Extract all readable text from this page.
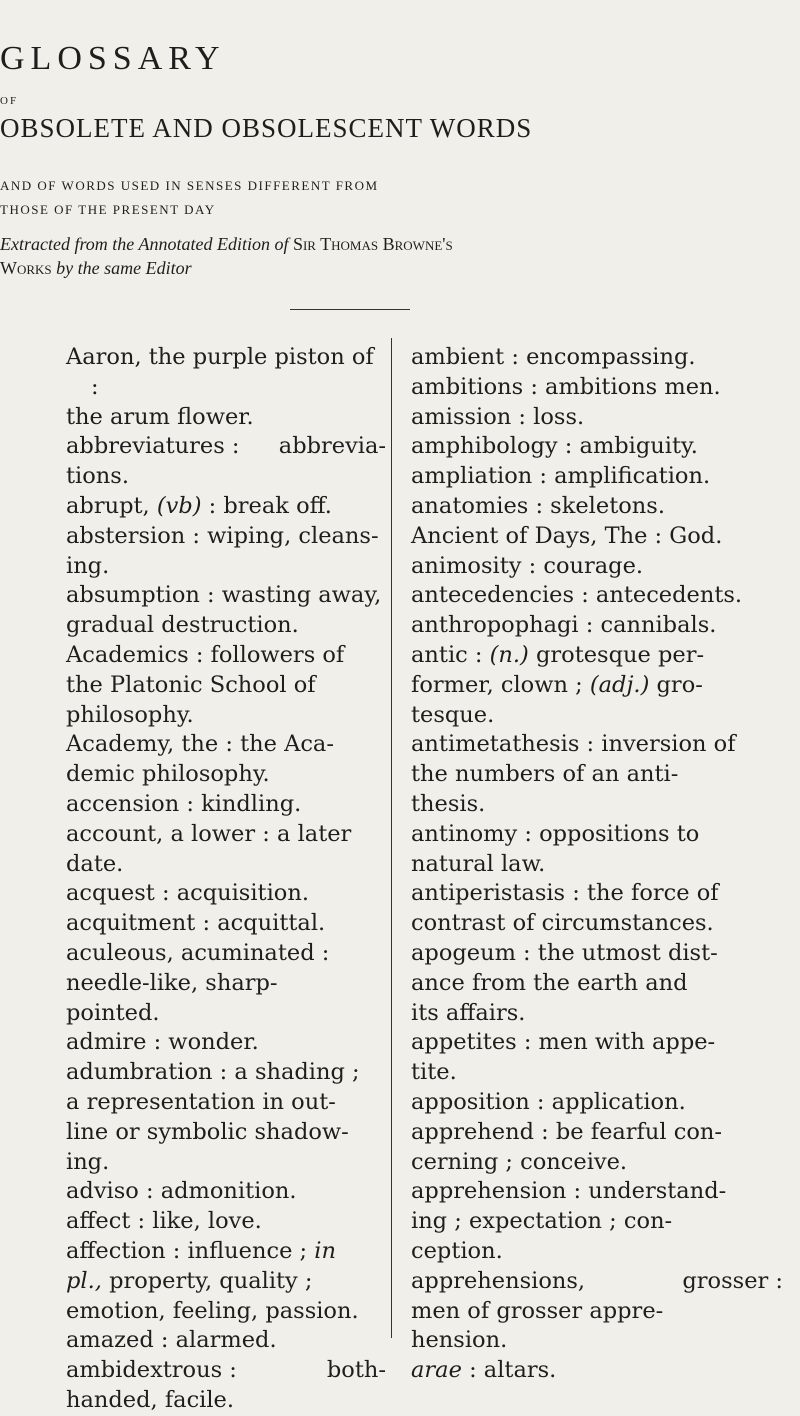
GLOSSARY
OF
OBSOLETE AND OBSOLESCENT WORDS
AND OF WORDS USED IN SENSES DIFFERENT FROM
THOSE OF THE PRESENT DAY
Extracted from the Annotated Edition of Sir Thomas Browne's
Works by the same Editor
Aaron, the purple piston of :
the arum flower.
abbreviatures : abbrevia-
tions.
abrupt, (vb) : break off.
abstersion : wiping, cleans-
ing.
absumption : wasting away,
gradual destruction.
Academics : followers of
the Platonic School of
philosophy.
Academy, the : the Aca-
demic philosophy.
accension : kindling.
account, a lower : a later
date.
acquest : acquisition.
acquitment : acquittal.
aculeous, acuminated :
needle-like, sharp-
pointed.
admire : wonder.
adumbration : a shading ;
a representation in out-
line or symbolic shadow-
ing.
adviso : admonition.
affect : like, love.
affection : influence ; in
pl., property, quality ;
emotion, feeling, passion.
amazed : alarmed.
ambidextrous :	both-
handed, facile.
ambient : encompassing.
ambitions : ambitions men.
amission : loss.
amphibology : ambiguity.
ampliation : amplification.
anatomies : skeletons.
Ancient of Days, The : God.
animosity : courage.
antecedencies : antecedents.
anthropophagi : cannibals.
antic : (n.) grotesque per-
former, clown ; (adj.) gro-
tesque.
antimetathesis : inversion of
the numbers of an anti-
thesis.
antinomy : oppositions to
natural law.
antiperistasis : the force of
contrast of circumstances.
apogeum : the utmost dist-
ance from the earth and
its affairs.
appetites : men with appe-
tite.
apposition : application.
apprehend : be fearful con-
cerning ; conceive.
apprehension : understand-
ing ; expectation ; con-
ception.
apprehensions,	grosser :
men of grosser appre-
hension.
arae : altars.
